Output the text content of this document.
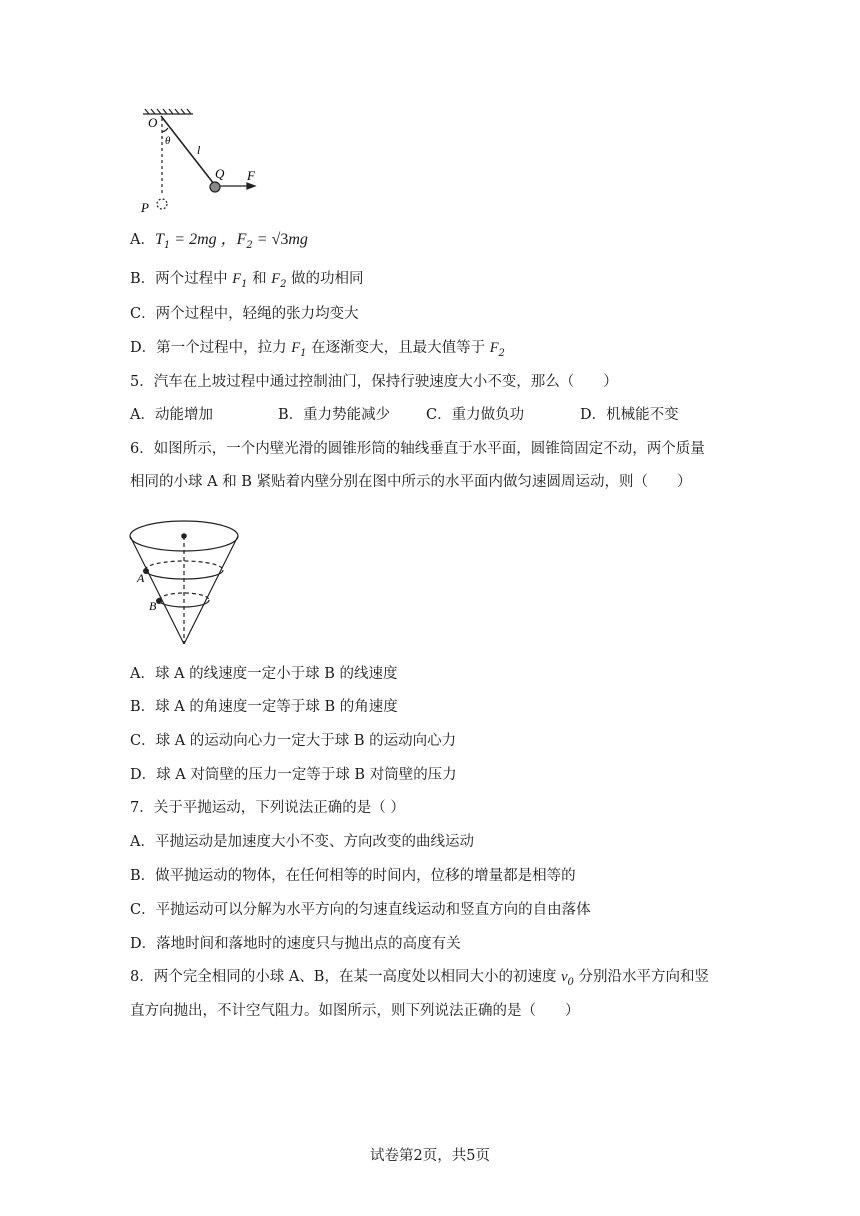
O
θ
l
Q F
P
A．$T_1 = 2mg$ ，$F_2 = √3mg$
B．两个过程中 $F_1$ 和 $F_2$ 做的功相同
C．两个过程中，轻绳的张力均变大
D．第一个过程中，拉力 $F_1$ 在逐渐变大，且最大值等于 $F_2$
5．汽车在上坡过程中通过控制油门，保持行驶速度大小不变，那么（　　）
A．动能增加	B．重力势能减少 C．重力做负功	D．机械能不变
6．如图所示，一个内壁光滑的圆锥形筒的轴线垂直于水平面，圆锥筒固定不动，两个质量
相同的小球 A 和 B 紧贴着内壁分别在图中所示的水平面内做匀速圆周运动，则（　　）
A
B
A．球 A 的线速度一定小于球 B 的线速度
B．球 A 的角速度一定等于球 B 的角速度
C．球 A 的运动向心力一定大于球 B 的运动向心力
D．球 A 对筒壁的压力一定等于球 B 对筒壁的压力
7．关于平抛运动，下列说法正确的是（ ）
A．平抛运动是加速度大小不变、方向改变的曲线运动
B．做平抛运动的物体，在任何相等的时间内，位移的增量都是相等的
C．平抛运动可以分解为水平方向的匀速直线运动和竖直方向的自由落体
D．落地时间和落地时的速度只与抛出点的高度有关
8．两个完全相同的小球 A、B，在某一高度处以相同大小的初速度 $v_0$ 分别沿水平方向和竖
直方向抛出，不计空气阻力。如图所示，则下列说法正确的是（　　）
试卷第2页，共5页
